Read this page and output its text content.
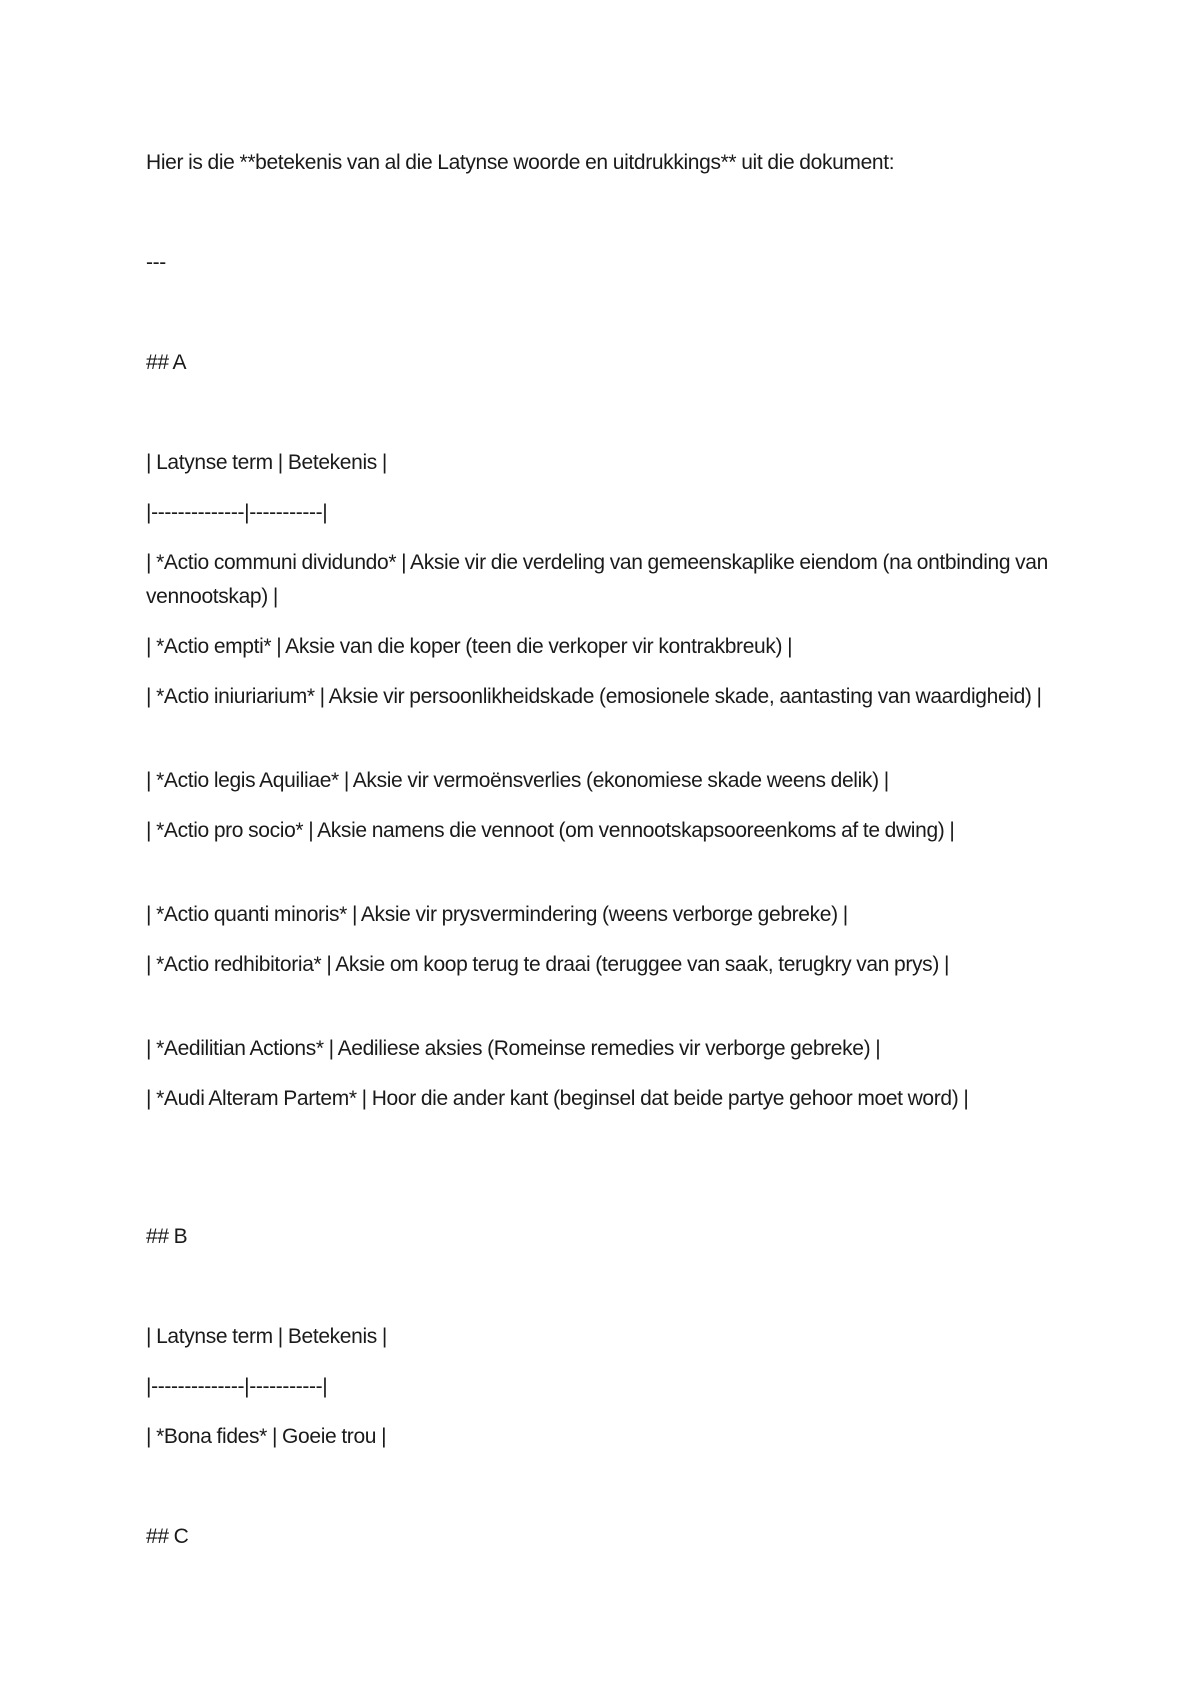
Hier is die **betekenis van al die Latynse woorde en uitdrukkings** uit die dokument:

---

## A

| Latynse term | Betekenis |

|--------------|-----------|

| *Actio communi dividundo* | Aksie vir die verdeling van gemeenskaplike eiendom (na ontbinding van vennootskap) |

| *Actio empti* | Aksie van die koper (teen die verkoper vir kontrakbreuk) |

| *Actio iniuriarium* | Aksie vir persoonlikheidskade (emosionele skade, aantasting van waardigheid) |

| *Actio legis Aquiliae* | Aksie vir vermoënsverlies (ekonomiese skade weens delik) |

| *Actio pro socio* | Aksie namens die vennoot (om vennootskapsooreenkoms af te dwing) |

| *Actio quanti minoris* | Aksie vir prysvermindering (weens verborge gebreke) |

| *Actio redhibitoria* | Aksie om koop terug te draai (teruggee van saak, terugkry van prys) |

| *Aedilitian Actions* | Aediliese aksies (Romeinse remedies vir verborge gebreke) |

| *Audi Alteram Partem* | Hoor die ander kant (beginsel dat beide partye gehoor moet word) |

## B

| Latynse term | Betekenis |

|--------------|-----------|

| *Bona fides* | Goeie trou |

## C
